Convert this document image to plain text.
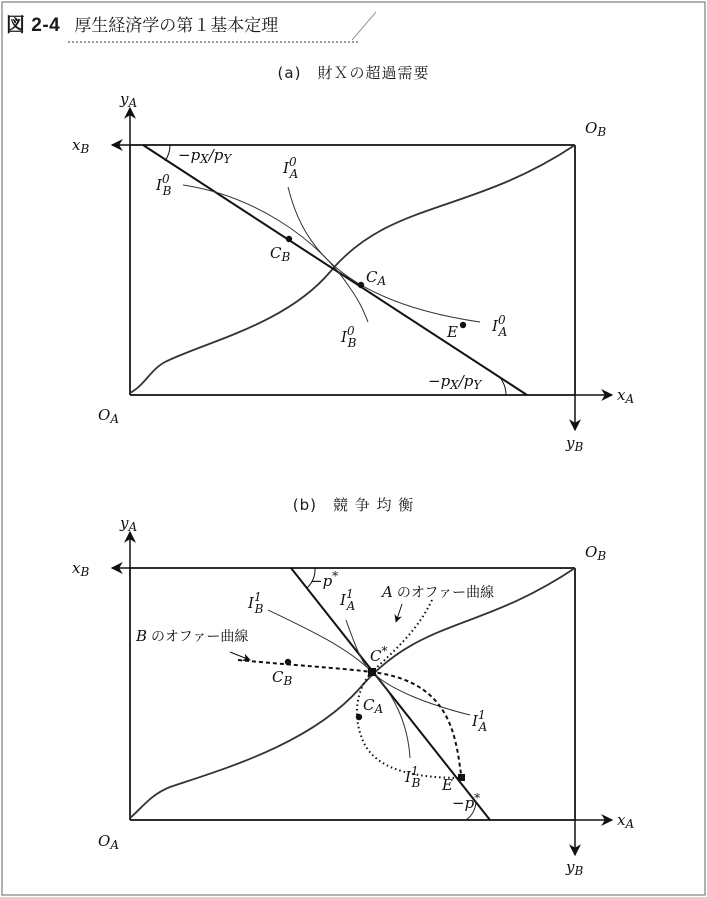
図 2-4 厚生経済学の第１基本定理
(a)　財Ｘの超過需要
(b)　競 争 均 衡
$y_A$
$x_B$
$O_B$
$O_A$
$x_A$
$y_B$
$-p_X/p_Y$
$-p_X/p_Y$
$I^0$ A
$I^0$ B
$I^0$ A
$I^0$ B
$C_B$
$C_A$
E
$y_A$
$x_B$
$O_B$
$O_A$
$x_A$
$y_B$
−p*
−p*
A のオファー曲線
B のオファー曲線
$I^1$ B	$I^1$ A
$I^1$ A
$I^1$ B
C*
$C_B$
$C_A$
E
